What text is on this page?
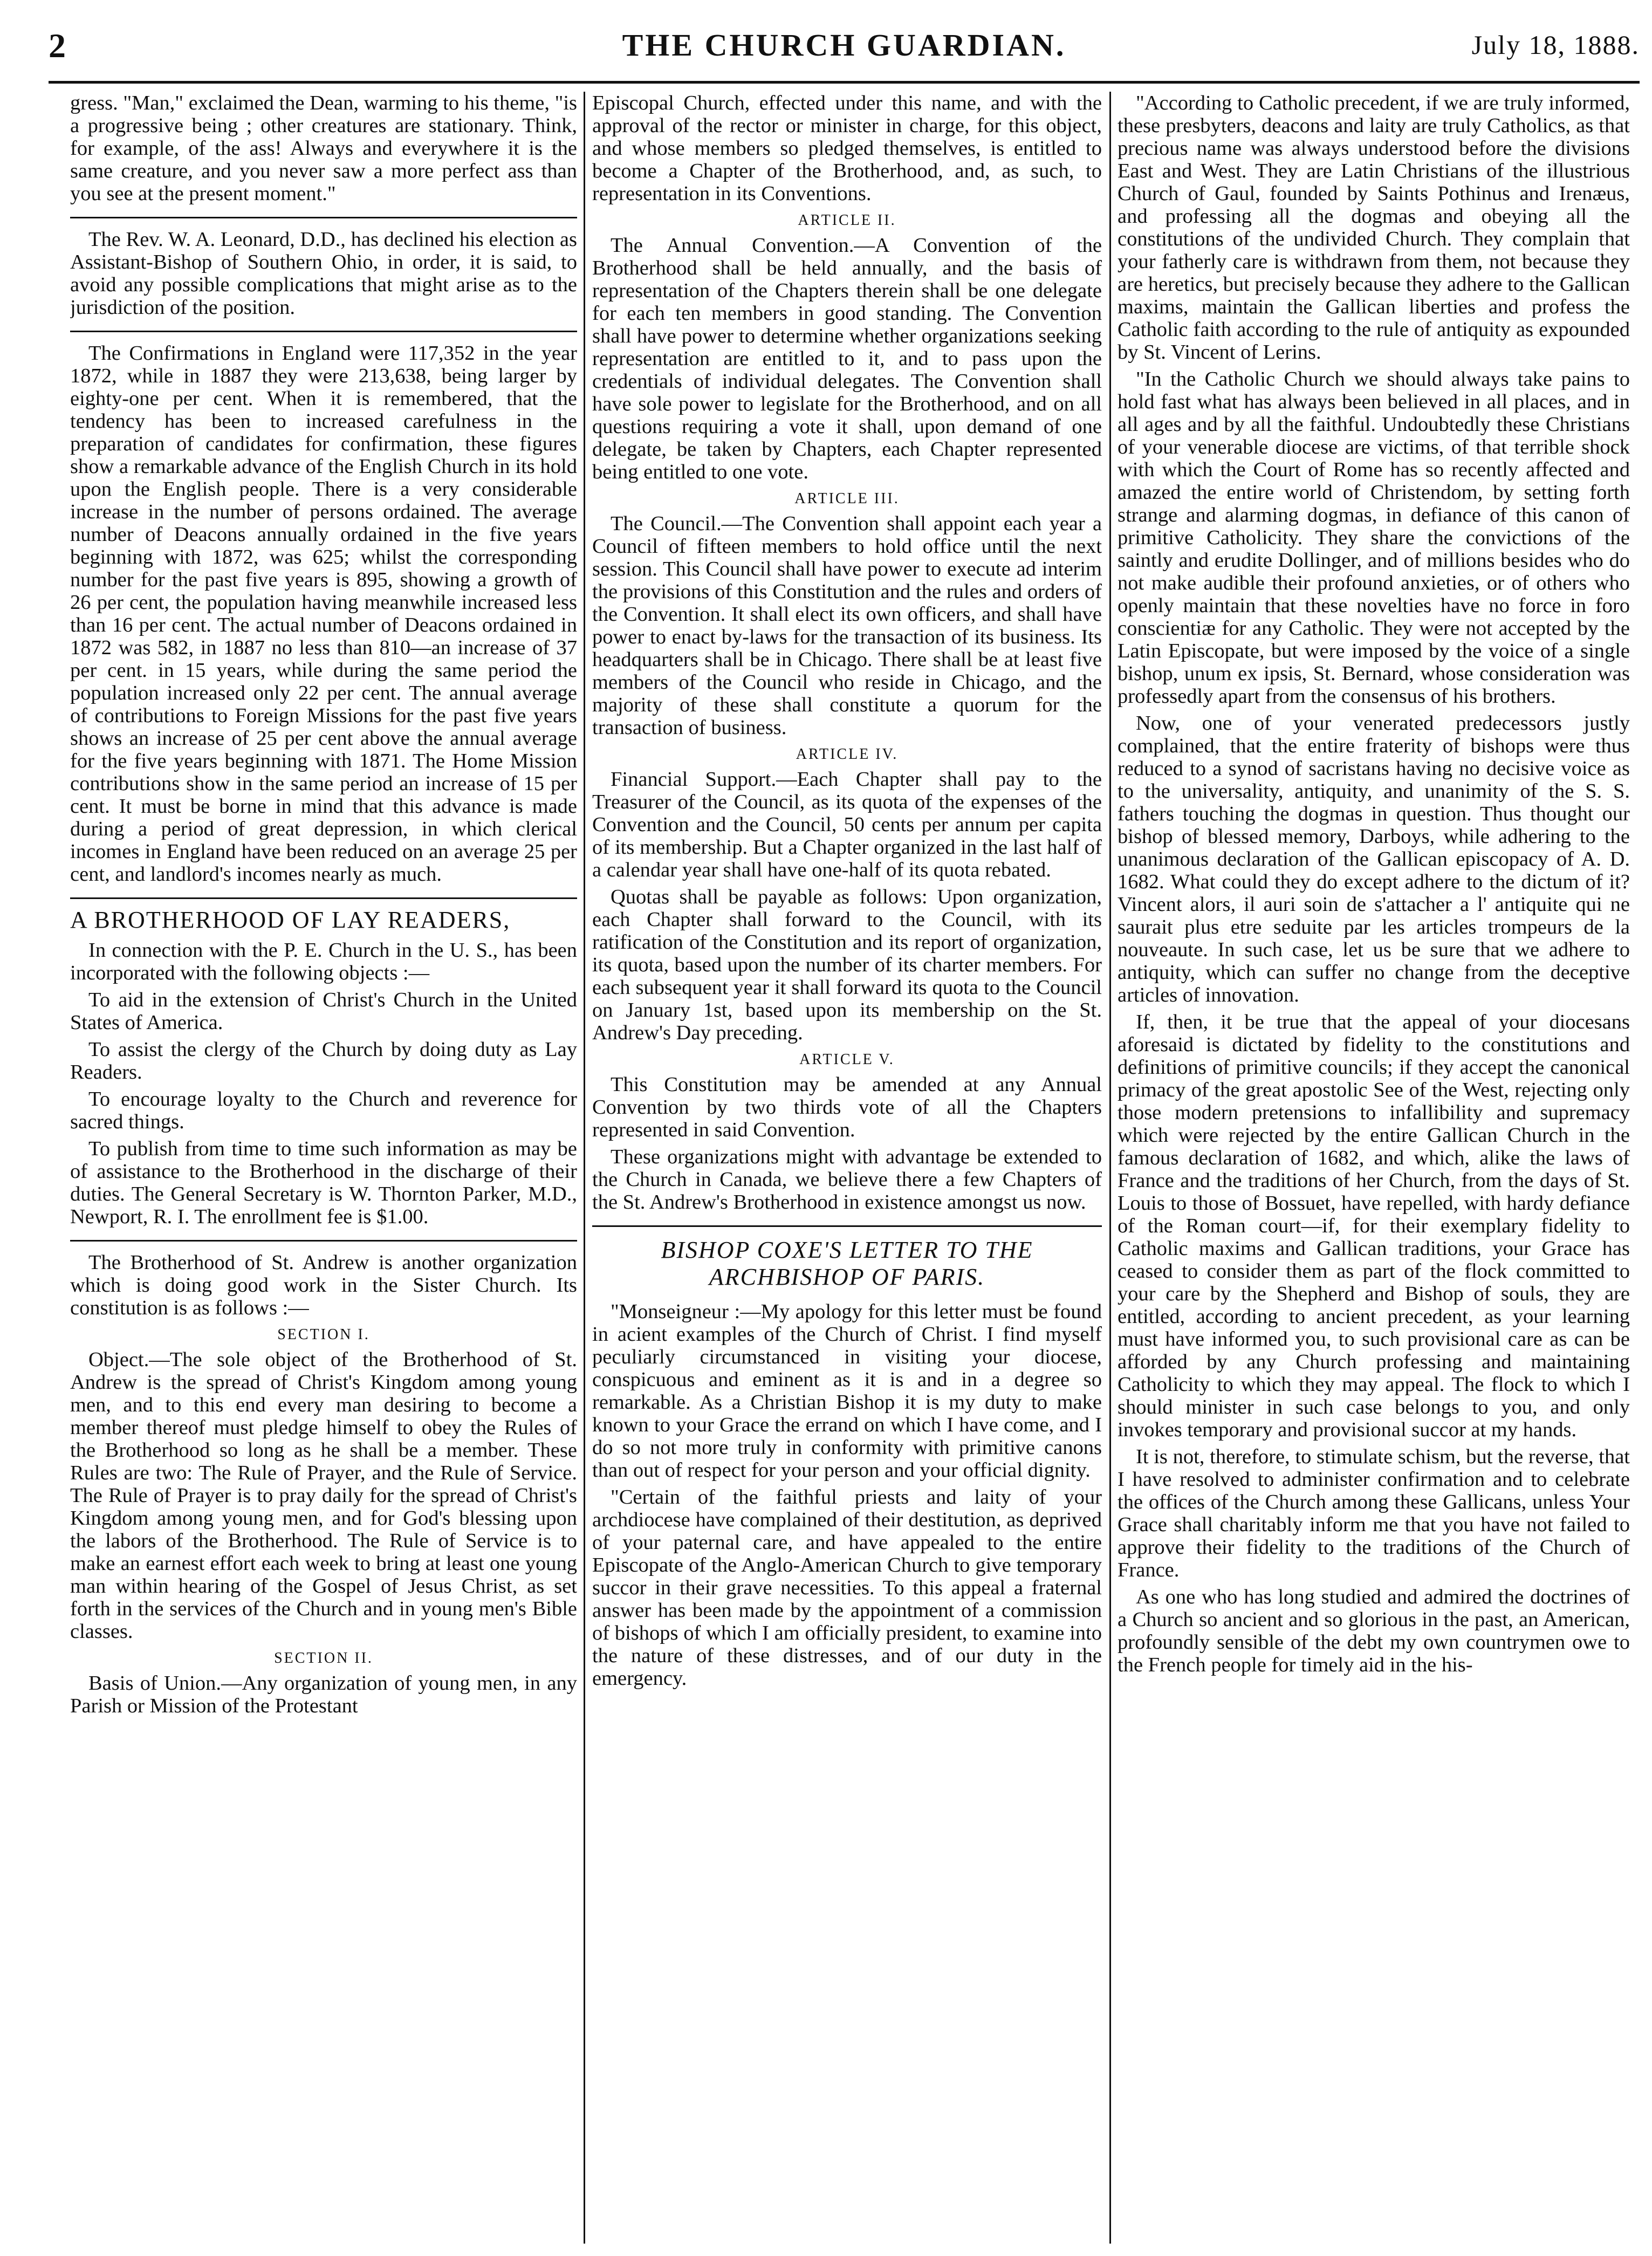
2	THE CHURCH GUARDIAN.	July 18, 1888.

gress. "Man," exclaimed the Dean, warming to his theme, "is a progressive being ; other creatures are stationary. Think, for example, of the ass! Always and everywhere it is the same creature, and you never saw a more perfect ass than you see at the present moment."

The Rev. W. A. Leonard, D.D., has declined his election as Assistant-Bishop of Southern Ohio, in order, it is said, to avoid any possible complications that might arise as to the jurisdiction of the position.

The Confirmations in England were 117,352 in the year 1872, while in 1887 they were 213,638, being larger by eighty-one per cent. When it is remembered, that the tendency has been to increased carefulness in the preparation of candidates for confirmation, these figures show a remarkable advance of the English Church in its hold upon the English people. There is a very considerable increase in the number of persons ordained. The average number of Deacons annually ordained in the five years beginning with 1872, was 625; whilst the corresponding number for the past five years is 895, showing a growth of 26 per cent, the population having meanwhile increased less than 16 per cent. The actual number of Deacons ordained in 1872 was 582, in 1887 no less than 810—an increase of 37 per cent. in 15 years, while during the same period the population increased only 22 per cent. The annual average of contributions to Foreign Missions for the past five years shows an increase of 25 per cent above the annual average for the five years beginning with 1871. The Home Mission contributions show in the same period an increase of 15 per cent. It must be borne in mind that this advance is made during a period of great depression, in which clerical incomes in England have been reduced on an average 25 per cent, and landlord's incomes nearly as much.

A BROTHERHOOD OF LAY READERS,

In connection with the P. E. Church in the U. S., has been incorporated with the following objects :—

To aid in the extension of Christ's Church in the United States of America.

To assist the clergy of the Church by doing duty as Lay Readers.

To encourage loyalty to the Church and reverence for sacred things.

To publish from time to time such information as may be of assistance to the Brotherhood in the discharge of their duties. The General Secretary is W. Thornton Parker, M.D., Newport, R. I. The enrollment fee is $1.00.

The Brotherhood of St. Andrew is another organization which is doing good work in the Sister Church. Its constitution is as follows :—

SECTION I.

Object.—The sole object of the Brotherhood of St. Andrew is the spread of Christ's Kingdom among young men, and to this end every man desiring to become a member thereof must pledge himself to obey the Rules of the Brotherhood so long as he shall be a member. These Rules are two: The Rule of Prayer, and the Rule of Service. The Rule of Prayer is to pray daily for the spread of Christ's Kingdom among young men, and for God's blessing upon the labors of the Brotherhood. The Rule of Service is to make an earnest effort each week to bring at least one young man within hearing of the Gospel of Jesus Christ, as set forth in the services of the Church and in young men's Bible classes.

SECTION II.

Basis of Union.—Any organization of young men, in any Parish or Mission of the Protestant

Episcopal Church, effected under this name, and with the approval of the rector or minister in charge, for this object, and whose members so pledged themselves, is entitled to become a Chapter of the Brotherhood, and, as such, to representation in its Conventions.

ARTICLE II.

The Annual Convention.—A Convention of the Brotherhood shall be held annually, and the basis of representation of the Chapters therein shall be one delegate for each ten members in good standing. The Convention shall have power to determine whether organizations seeking representation are entitled to it, and to pass upon the credentials of individual delegates. The Convention shall have sole power to legislate for the Brotherhood, and on all questions requiring a vote it shall, upon demand of one delegate, be taken by Chapters, each Chapter represented being entitled to one vote.

ARTICLE III.

The Council.—The Convention shall appoint each year a Council of fifteen members to hold office until the next session. This Council shall have power to execute ad interim the provisions of this Constitution and the rules and orders of the Convention. It shall elect its own officers, and shall have power to enact by-laws for the transaction of its business. Its headquarters shall be in Chicago. There shall be at least five members of the Council who reside in Chicago, and the majority of these shall constitute a quorum for the transaction of business.

ARTICLE IV.

Financial Support.—Each Chapter shall pay to the Treasurer of the Council, as its quota of the expenses of the Convention and the Council, 50 cents per annum per capita of its membership. But a Chapter organized in the last half of a calendar year shall have one-half of its quota rebated.

Quotas shall be payable as follows: Upon organization, each Chapter shall forward to the Council, with its ratification of the Constitution and its report of organization, its quota, based upon the number of its charter members. For each subsequent year it shall forward its quota to the Council on January 1st, based upon its membership on the St. Andrew's Day preceding.

ARTICLE V.

This Constitution may be amended at any Annual Convention by two thirds vote of all the Chapters represented in said Convention.

These organizations might with advantage be extended to the Church in Canada, we believe there a few Chapters of the St. Andrew's Brotherhood in existence amongst us now.

BISHOP COXE'S LETTER TO THE
ARCHBISHOP OF PARIS.

"Monseigneur :—My apology for this letter must be found in acient examples of the Church of Christ. I find myself peculiarly circumstanced in visiting your diocese, conspicuous and eminent as it is and in a degree so remarkable. As a Christian Bishop it is my duty to make known to your Grace the errand on which I have come, and I do so not more truly in conformity with primitive canons than out of respect for your person and your official dignity.

"Certain of the faithful priests and laity of your archdiocese have complained of their destitution, as deprived of your paternal care, and have appealed to the entire Episcopate of the Anglo-American Church to give temporary succor in their grave necessities. To this appeal a fraternal answer has been made by the appointment of a commission of bishops of which I am officially president, to examine into the nature of these distresses, and of our duty in the emergency.

"According to Catholic precedent, if we are truly informed, these presbyters, deacons and laity are truly Catholics, as that precious name was always understood before the divisions East and West. They are Latin Christians of the illustrious Church of Gaul, founded by Saints Pothinus and Irenæus, and professing all the dogmas and obeying all the constitutions of the undivided Church. They complain that your fatherly care is withdrawn from them, not because they are heretics, but precisely because they adhere to the Gallican maxims, maintain the Gallican liberties and profess the Catholic faith according to the rule of antiquity as expounded by St. Vincent of Lerins.

"In the Catholic Church we should always take pains to hold fast what has always been believed in all places, and in all ages and by all the faithful. Undoubtedly these Christians of your venerable diocese are victims, of that terrible shock with which the Court of Rome has so recently affected and amazed the entire world of Christendom, by setting forth strange and alarming dogmas, in defiance of this canon of primitive Catholicity. They share the convictions of the saintly and erudite Dollinger, and of millions besides who do not make audible their profound anxieties, or of others who openly maintain that these novelties have no force in foro conscientiæ for any Catholic. They were not accepted by the Latin Episcopate, but were imposed by the voice of a single bishop, unum ex ipsis, St. Bernard, whose consideration was professedly apart from the consensus of his brothers.

Now, one of your venerated predecessors justly complained, that the entire fraterity of bishops were thus reduced to a synod of sacristans having no decisive voice as to the universality, antiquity, and unanimity of the S. S. fathers touching the dogmas in question. Thus thought our bishop of blessed memory, Darboys, while adhering to the unanimous declaration of the Gallican episcopacy of A. D. 1682. What could they do except adhere to the dictum of it? Vincent alors, il auri soin de s'attacher a l' antiquite qui ne saurait plus etre seduite par les articles trompeurs de la nouveaute. In such case, let us be sure that we adhere to antiquity, which can suffer no change from the deceptive articles of innovation.

If, then, it be true that the appeal of your diocesans aforesaid is dictated by fidelity to the constitutions and definitions of primitive councils; if they accept the canonical primacy of the great apostolic See of the West, rejecting only those modern pretensions to infallibility and supremacy which were rejected by the entire Gallican Church in the famous declaration of 1682, and which, alike the laws of France and the traditions of her Church, from the days of St. Louis to those of Bossuet, have repelled, with hardy defiance of the Roman court—if, for their exemplary fidelity to Catholic maxims and Gallican traditions, your Grace has ceased to consider them as part of the flock committed to your care by the Shepherd and Bishop of souls, they are entitled, according to ancient precedent, as your learning must have informed you, to such provisional care as can be afforded by any Church professing and maintaining Catholicity to which they may appeal. The flock to which I should minister in such case belongs to you, and only invokes temporary and provisional succor at my hands.

It is not, therefore, to stimulate schism, but the reverse, that I have resolved to administer confirmation and to celebrate the offices of the Church among these Gallicans, unless Your Grace shall charitably inform me that you have not failed to approve their fidelity to the traditions of the Church of France.

As one who has long studied and admired the doctrines of a Church so ancient and so glorious in the past, an American, profoundly sensible of the debt my own countrymen owe to the French people for timely aid in the his-
